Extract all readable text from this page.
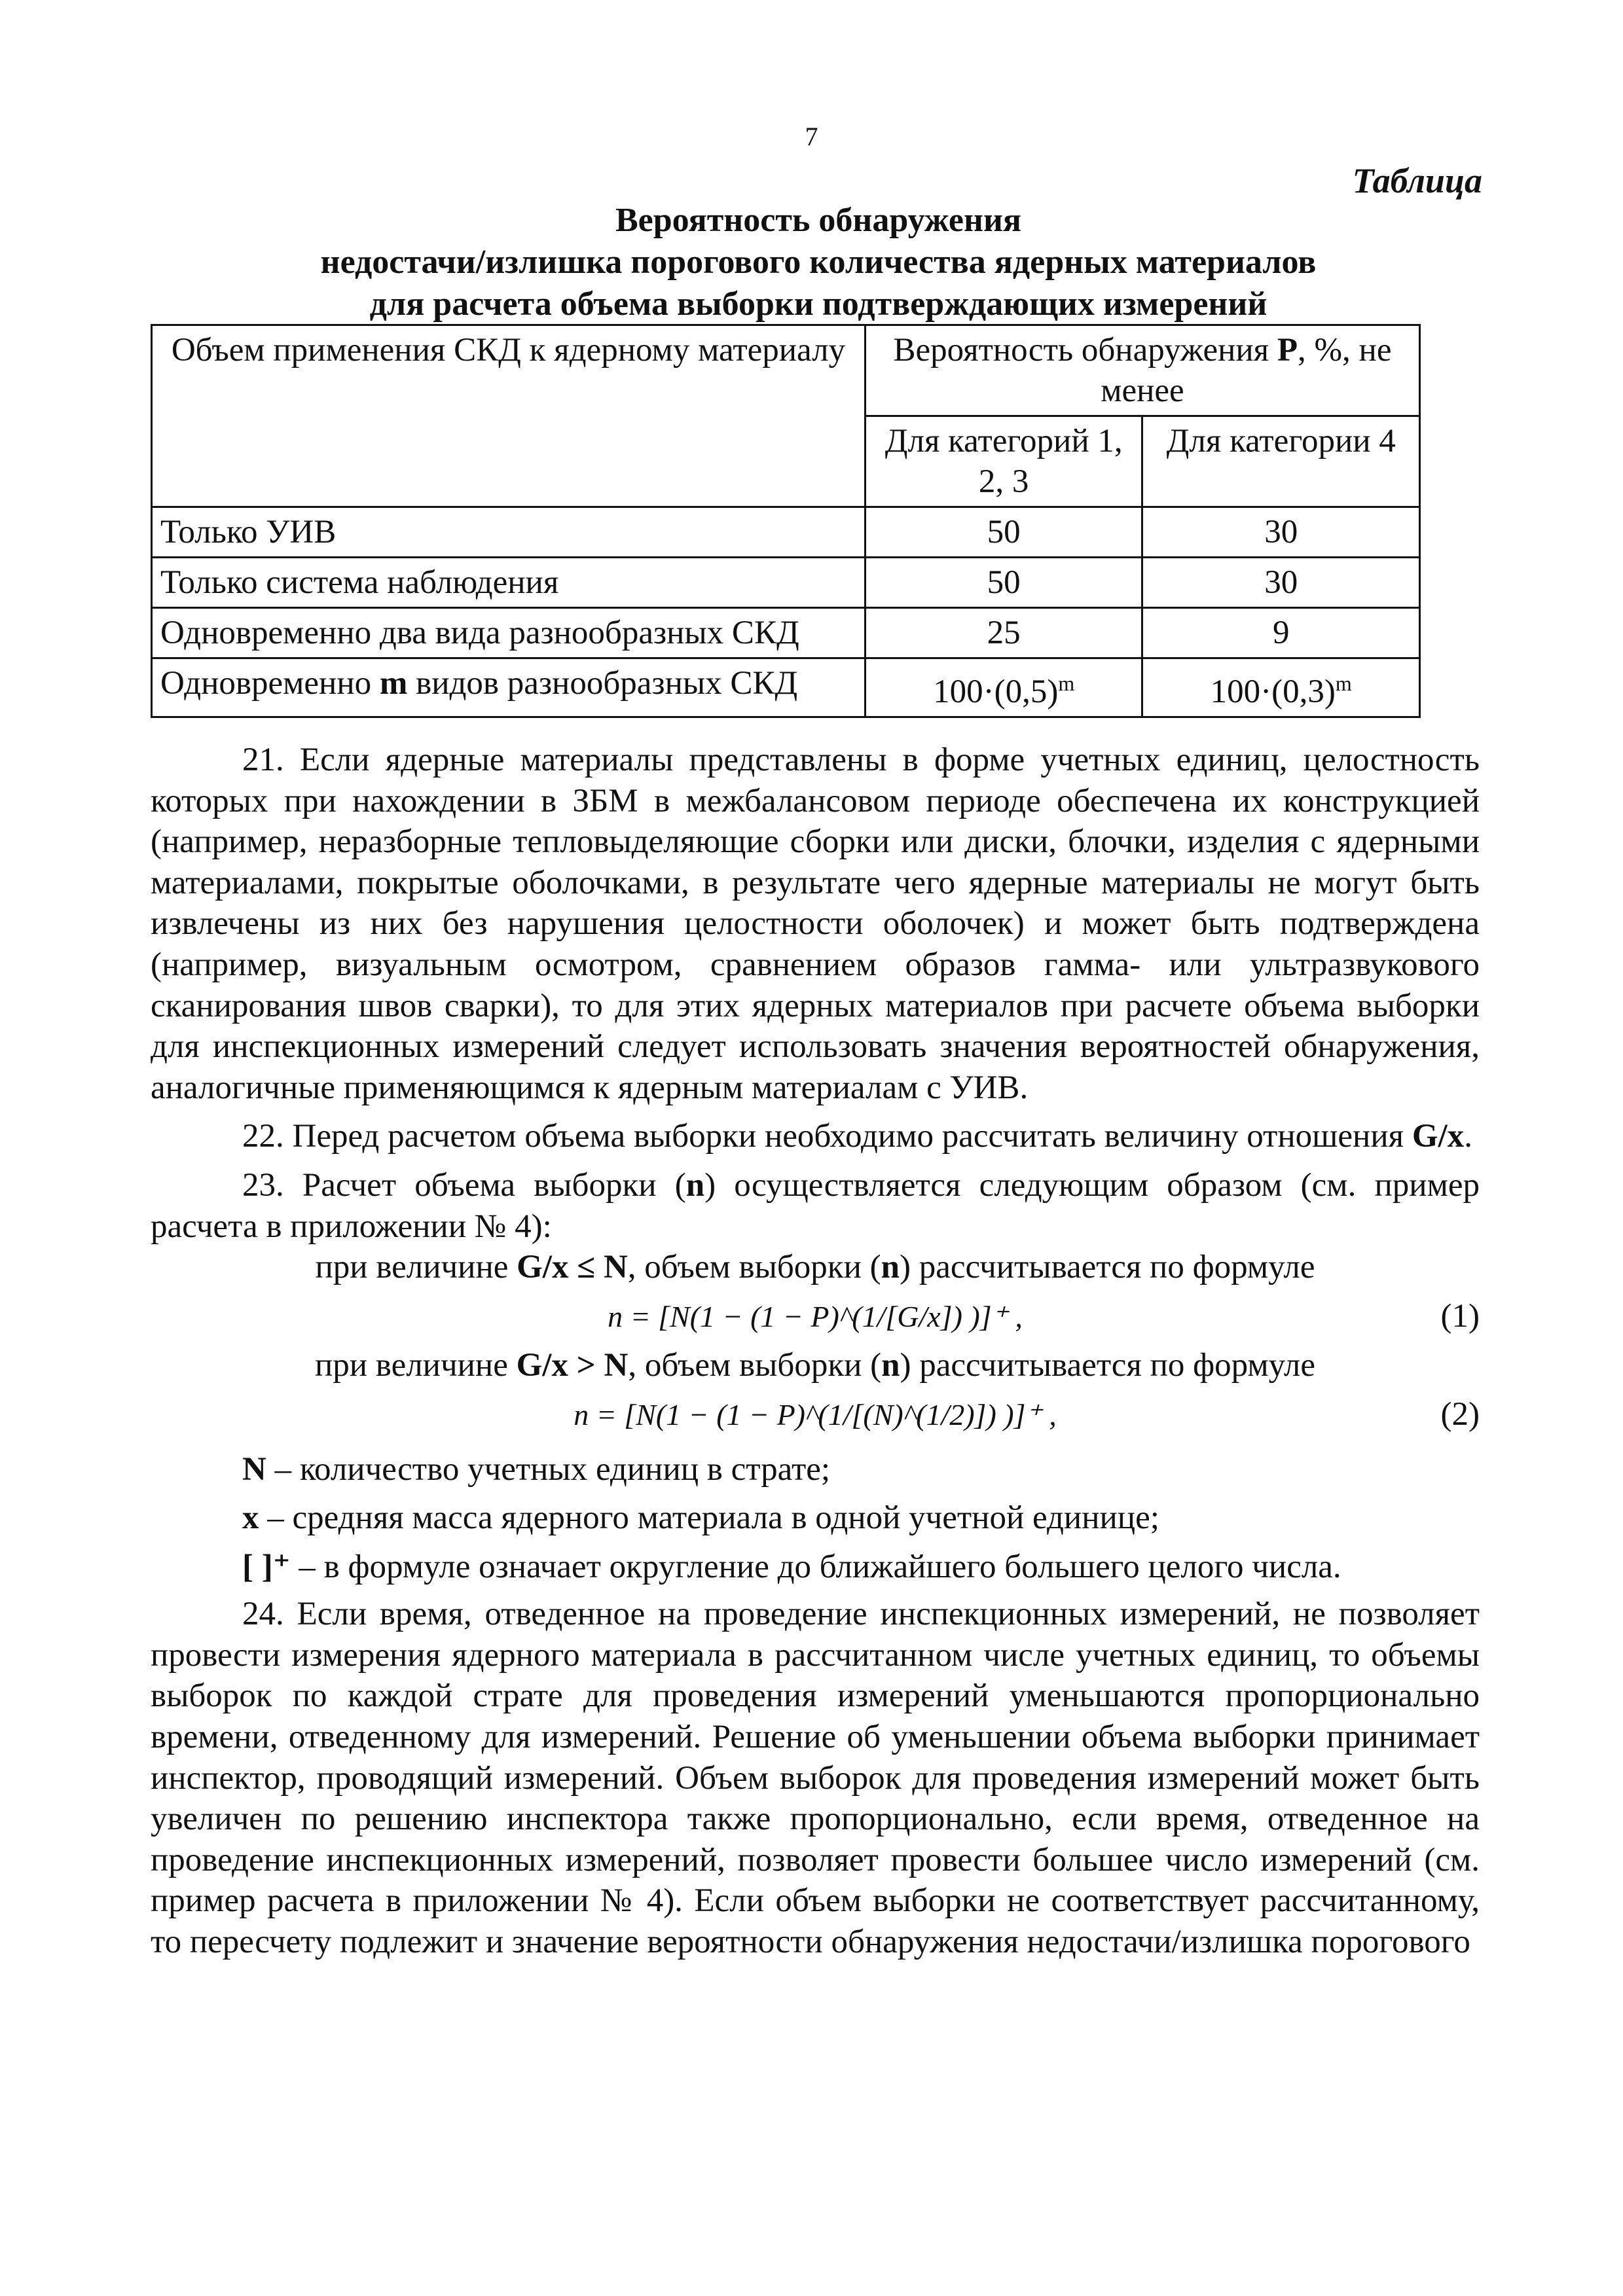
7
Таблица
Вероятность обнаружения
недостачи/излишка порогового количества ядерных материалов
для расчета объема выборки подтверждающих измерений
Объем применения СКД к ядерному материалу	Вероятность обнаружения Р, %, не менее	
	Для категорий 1, 2, 3	Для категории 4
Только УИВ	50	30
Только система наблюдения	50	30
Одновременно два вида разнообразных СКД	25	9
Одновременно m видов разнообразных СКД	$100\cdot(0,5)^m$	$100\cdot(0,3)^m$

21. Если ядерные материалы представлены в форме учетных единиц, целостность которых при нахождении в ЗБМ в межбалансовом периоде обеспечена их конструкцией (например, неразборные тепловыделяющие сборки или диски, блочки, изделия с ядерными материалами, покрытые оболочками, в результате чего ядерные материалы не могут быть извлечены из них без нарушения целостности оболочек) и может быть подтверждена (например, визуальным осмотром, сравнением образов гамма- или ультразвукового сканирования швов сварки), то для этих ядерных материалов при расчете объема выборки для инспекционных измерений следует использовать значения вероятностей обнаружения, аналогичные применяющимся к ядерным материалам с УИВ.

22. Перед расчетом объема выборки необходимо рассчитать величину отношения G/x.

23. Расчет объема выборки (n) осуществляется следующим образом (см. пример расчета в приложении № 4):

при величине G/x ≤ N, объем выборки (n) рассчитывается по формуле

n = [N(1 − (1 − P)^(1/[G/x]) )]⁺ ,	(1)

при величине G/x > N, объем выборки (n) рассчитывается по формуле

n = [N(1 − (1 − P)^(1/[(N)^(1/2)]) )]⁺ ,	(2)

N – количество учетных единиц в страте;

x – средняя масса ядерного материала в одной учетной единице;

[ ]⁺ – в формуле означает округление до ближайшего большего целого числа.

24. Если время, отведенное на проведение инспекционных измерений, не позволяет провести измерения ядерного материала в рассчитанном числе учетных единиц, то объемы выборок по каждой страте для проведения измерений уменьшаются пропорционально времени, отведенному для измерений. Решение об уменьшении объема выборки принимает инспектор, проводящий измерений. Объем выборок для проведения измерений может быть увеличен по решению инспектора также пропорционально, если время, отведенное на проведение инспекционных измерений, позволяет провести большее число измерений (см. пример расчета в приложении № 4). Если объем выборки не соответствует рассчитанному, то пересчету подлежит и значение вероятности обнаружения недостачи/излишка порогового
